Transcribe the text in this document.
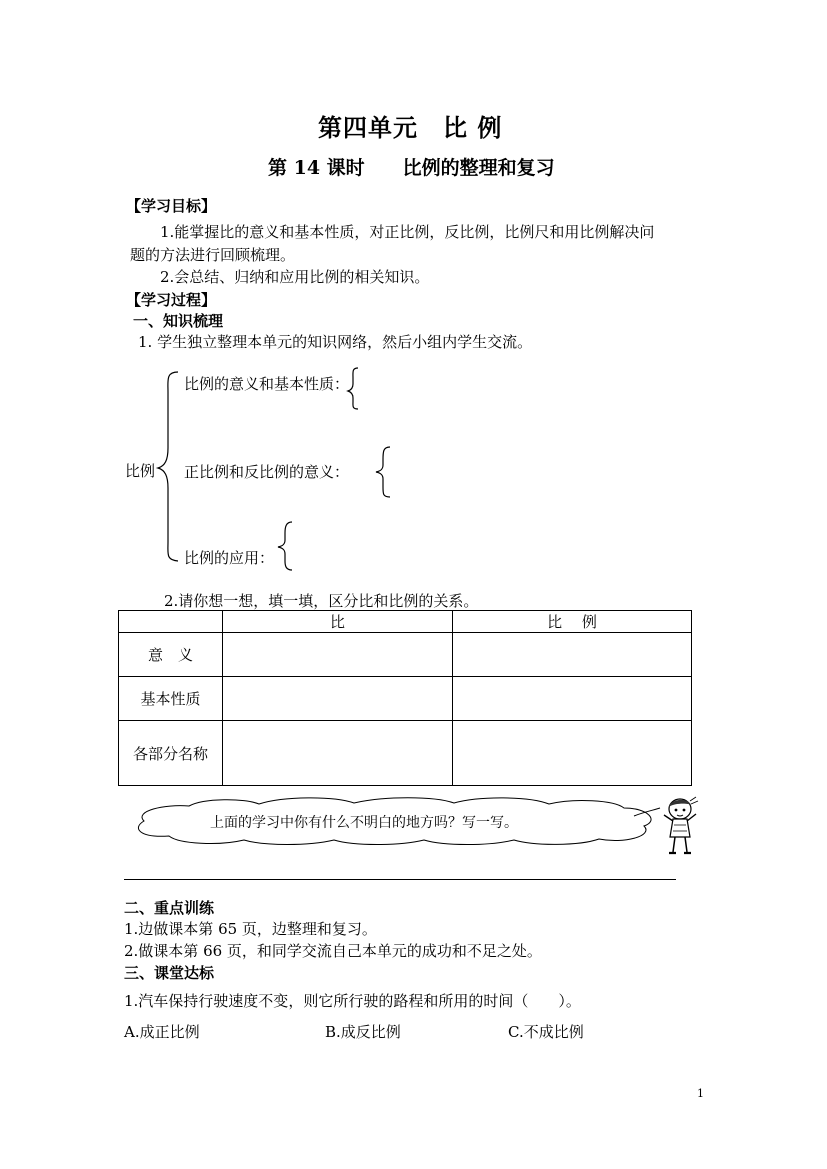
第四单元　比 例
第 14 课时　　比例的整理和复习
【学习目标】
1.能掌握比的意义和基本性质，对正比例，反比例，比例尺和用比例解决问
题的方法进行回顾梳理。
2.会总结、归纳和应用比例的相关知识。
【学习过程】
一、知识梳理
1. 学生独立整理本单元的知识网络，然后小组内学生交流。
比例
比例的意义和基本性质：
正比例和反比例的意义：
比例的应用：
2.请你想一想，填一填，区分比和比例的关系。
	比	比　 例
意　义		
基本性质		
各部分名称		
上面的学习中你有什么不明白的地方吗？写一写。
二、重点训练
1.边做课本第 65 页，边整理和复习。
2.做课本第 66 页，和同学交流自己本单元的成功和不足之处。
三、课堂达标
1.汽车保持行驶速度不变，则它所行驶的路程和所用的时间（　　）。
A.成正比例	B.成反比例	C.不成比例
1
